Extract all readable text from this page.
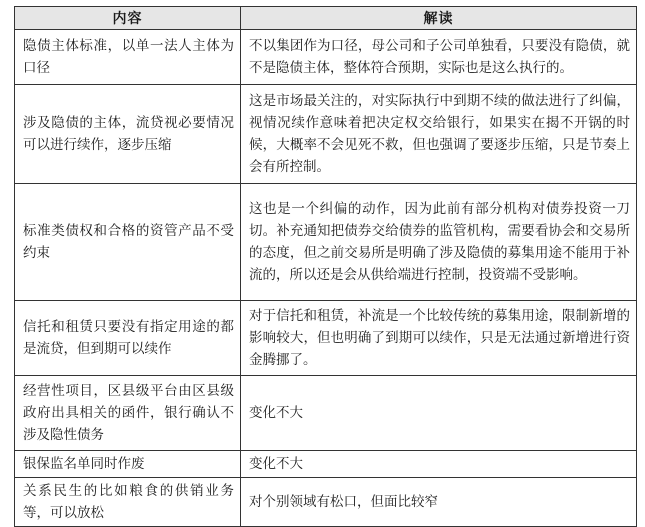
内容	解读
隐债主体标准，以单一法人主体为口径	不以集团作为口径，母公司和子公司单独看，只要没有隐债，就不是隐债主体，整体符合预期，实际也是这么执行的。
涉及隐债的主体，流贷视必要情况可以进行续作，逐步压缩	这是市场最关注的，对实际执行中到期不续的做法进行了纠偏，视情况续作意味着把决定权交给银行，如果实在揭不开锅的时候，大概率不会见死不救，但也强调了要逐步压缩，只是节奏上会有所控制。
标准类债权和合格的资管产品不受约束	这也是一个纠偏的动作，因为此前有部分机构对债券投资一刀切。补充通知把债券交给债券的监管机构，需要看协会和交易所的态度，但之前交易所是明确了涉及隐债的募集用途不能用于补流的，所以还是会从供给端进行控制，投资端不受影响。
信托和租赁只要没有指定用途的都是流贷，但到期可以续作	对于信托和租赁，补流是一个比较传统的募集用途，限制新增的影响较大，但也明确了到期可以续作，只是无法通过新增进行资金腾挪了。
经营性项目，区县级平台由区县级政府出具相关的函件，银行确认不涉及隐性债务	变化不大
银保监名单同时作废	变化不大
关系民生的比如粮食的供销业务等，可以放松	对个别领域有松口，但面比较窄
